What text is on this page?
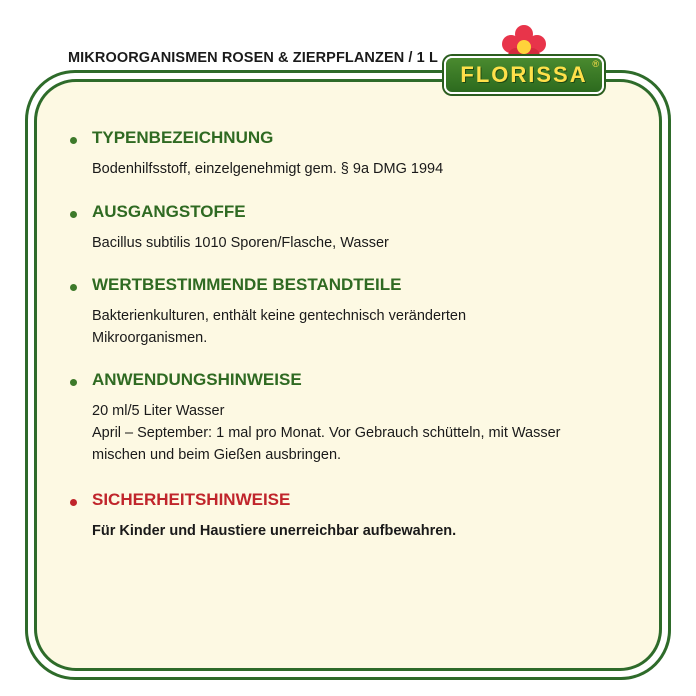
MIKROORGANISMEN ROSEN & ZIERPFLANZEN / 1 L
FLORISSA ®
TYPENBEZEICHNUNG
Bodenhilfsstoff, einzelgenehmigt gem. § 9a DMG 1994
AUSGANGSTOFFE
Bacillus subtilis 1010 Sporen/Flasche, Wasser
WERTBESTIMMENDE BESTANDTEILE
Bakterienkulturen, enthält keine gentechnisch veränderten
Mikroorganismen.
ANWENDUNGSHINWEISE
20 ml/5 Liter Wasser
April – September: 1 mal pro Monat. Vor Gebrauch schütteln, mit Wasser
mischen und beim Gießen ausbringen.
SICHERHEITSHINWEISE
Für Kinder und Haustiere unerreichbar aufbewahren.
